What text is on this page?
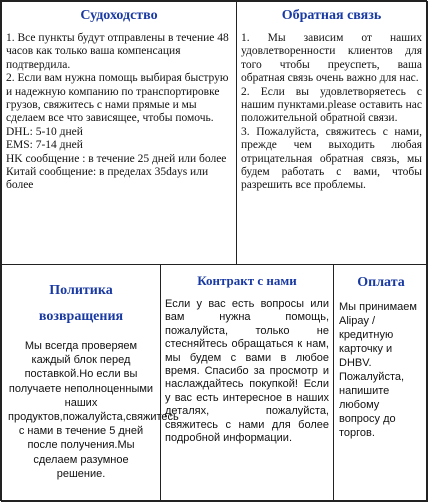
Судоходство

1. Все пункты будут отправлены в течение 48 часов как только ваша компенсация подтвердила.

2. Если вам нужна помощь выбирая быструю и надежную компанию по транспортировке грузов, свяжитесь с нами прямые и мы сделаем все что зависящее, чтобы помочь.

DHL: 5-10 дней

EMS: 7-14 дней

HK сообщение : в течение 25 дней или более

Китай сообщение: в пределах 35days или более

Обратная связь

1. Мы зависим от наших удовлетворенности клиентов для того чтобы преуспеть, ваша обратная связь очень важно для нас.

2. Если вы удовлетворяетесь с нашим пунктами.please оставить нас положительной обратной связи.

3. Пожалуйста, свяжитесь с нами, прежде чем выходить любая отрицательная обратная связь, мы будем работать с вами, чтобы разрешить все проблемы.

Политика
возвращения
Мы всегда проверяем каждый блок перед поставкой.Но если вы получаете неполноценными наших продуктов,пожалуйста,свяжитесь с нами в течение 5 дней после получения.Мы сделаем разумное решение.
Контракт с нами
Если у вас есть вопросы или вам нужна помощь, пожалуйста, только не стесняйтесь обращаться к нам, мы будем с вами в любое время. Спасибо за просмотр и наслаждайтесь покупкой! Если у вас есть интересное в наших деталях, пожалуйста, свяжитесь с нами для более подробной информации.
Оплата
Мы принимаем Alipay / кредитную карточку и DHBV. Пожалуйста, напишите любому вопросу до торгов.
